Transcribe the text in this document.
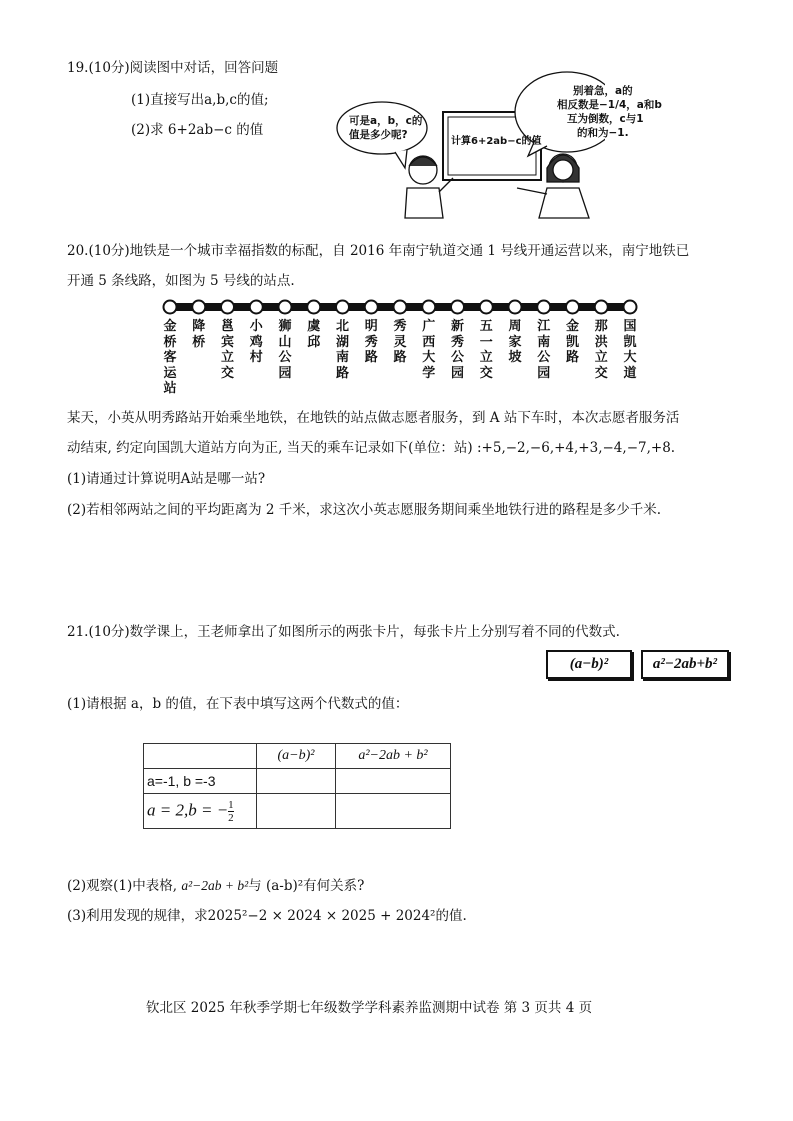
19.(10分)阅读图中对话，回答问题
(1)直接写出a,b,c的值;
(2)求 6+2ab−c 的值
可是a，b，c的
值是多少呢?
计算6+2ab−c的值
别着急，a的
相反数是−1/4，a和b
互为倒数，c与1
的和为−1.
20.(10分)地铁是一个城市幸福指数的标配，自 2016 年南宁轨道交通 1 号线开通运营以来，南宁地铁已
开通 5 条线路，如图为 5 号线的站点.
金桥客运站
降桥
邕宾立交
小鸡村
狮山公园
虞邱
北湖南路
明秀路
秀灵路
广西大学
新秀公园
五一立交
周家坡
江南公园
金凯路
那洪立交
国凯大道
某天，小英从明秀路站开始乘坐地铁，在地铁的站点做志愿者服务，到 A 站下车时，本次志愿者服务活
动结束, 约定向国凯大道站方向为正, 当天的乘车记录如下(单位：站) :+5,−2,−6,+4,+3,−4,−7,+8.
(1)请通过计算说明A站是哪一站?
(2)若相邻两站之间的平均距离为 2 千米，求这次小英志愿服务期间乘坐地铁行进的路程是多少千米.
21.(10分)数学课上，王老师拿出了如图所示的两张卡片，每张卡片上分别写着不同的代数式.
(a−b)²	a²−2ab+b²
(1)请根据 a，b 的值，在下表中填写这两个代数式的值：
	(a−b)²	a²−2ab + b²
a=-1, b =-3		
a = 2,b = − $\frac{1}{2}$

(2)观察(1)中表格, a²−2ab + b²与 (a-b)²有何关系?
(3)利用发现的规律，求2025²−2 × 2024 × 2025 + 2024²的值.
钦北区 2025 年秋季学期七年级数学学科素养监测期中试卷 第 3 页共 4 页
